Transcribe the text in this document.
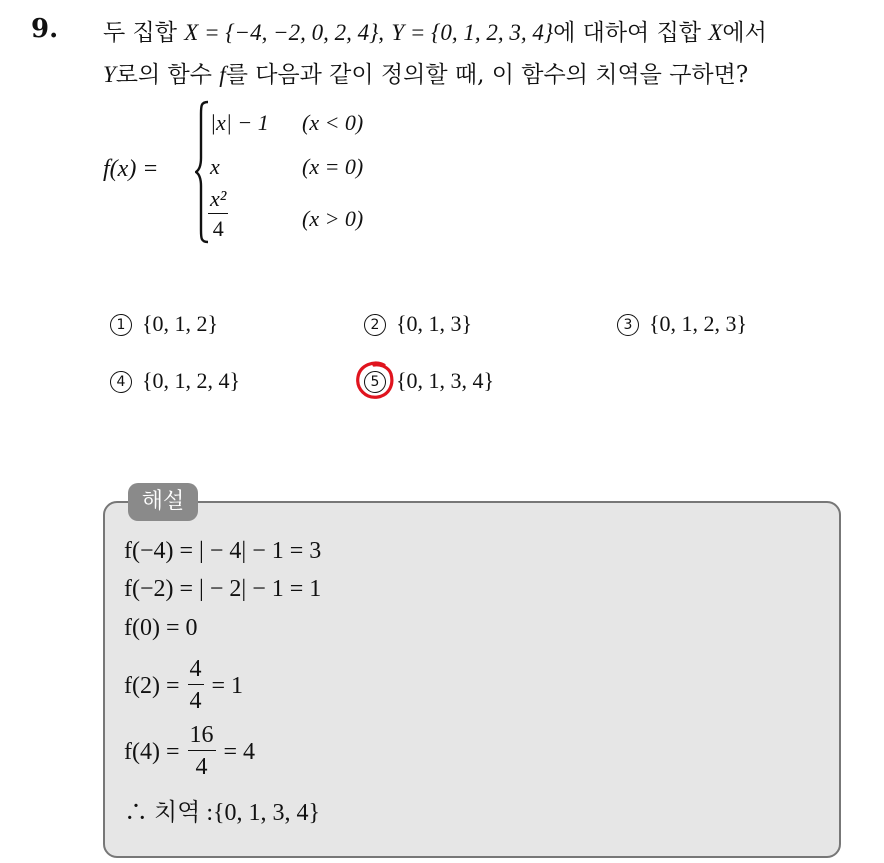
9. 두 집합 X = {−4, −2, 0, 2, 4}, Y = {0, 1, 2, 3, 4}에 대하여 집합 X에서
Y로의 함수 f를 다음과 같이 정의할 때, 이 함수의 치역을 구하면?
f(x) =
|x| − 1 (x < 0)
x	(x = 0)
$\frac{\text{x²}}{4}$	(x > 0)
1 {0, 1, 2}	2 {0, 1, 3}	3 {0, 1, 2, 3}
4 {0, 1, 2, 4}	5 {0, 1, 3, 4}
해설
f(−4) = | − 4| − 1 = 3
f(−2) = | − 2| − 1 = 1
f(0) = 0
$f(2) = \frac{4}{4} = 1$
$f(4) = \frac{16}{4} = 4$
∴ 치역 :{0, 1, 3, 4}
